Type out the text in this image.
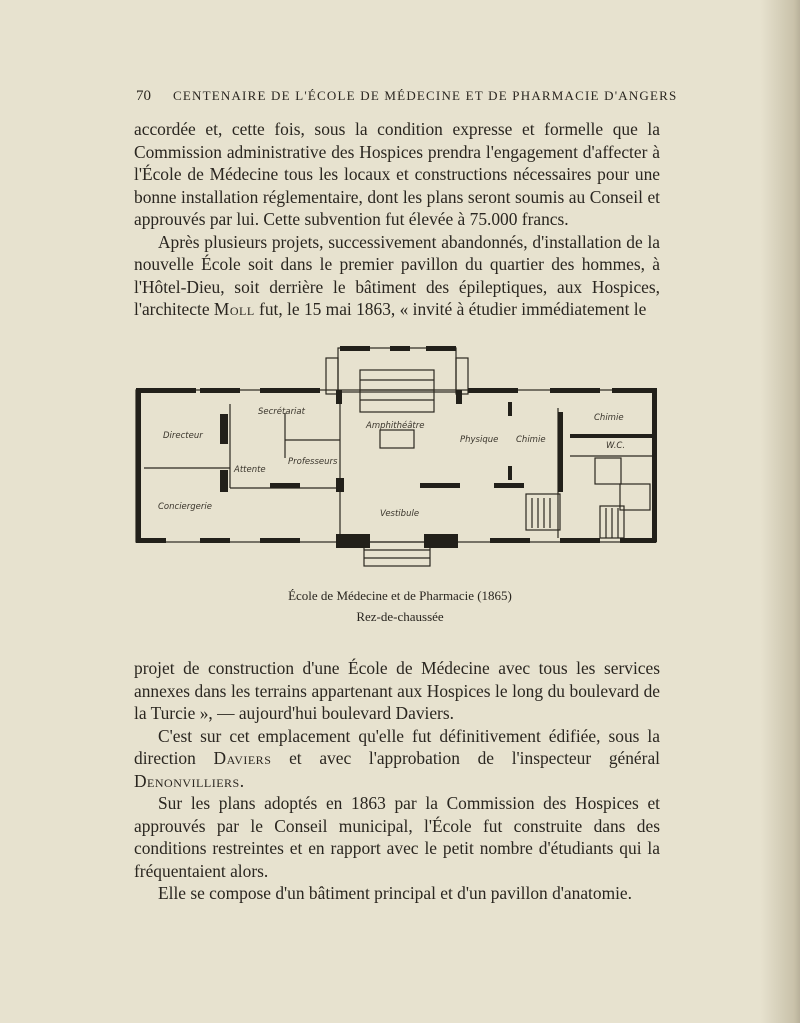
70 CENTENAIRE DE L'ÉCOLE DE MÉDECINE ET DE PHARMACIE D'ANGERS

accordée et, cette fois, sous la condition expresse et formelle que la Commission administrative des Hospices prendra l'engagement d'affecter à l'École de Médecine tous les locaux et constructions nécessaires pour une bonne installation réglementaire, dont les plans seront soumis au Conseil et approuvés par lui. Cette subvention fut élevée à 75.000 francs.

Après plusieurs projets, successivement abandonnés, d'installation de la nouvelle École soit dans le premier pavillon du quartier des hommes, à l'Hôtel-Dieu, soit derrière le bâtiment des épileptiques, aux Hospices, l'architecte Moll fut, le 15 mai 1863, « invité à étudier immédiatement le

Secrétariat
Directeur
Professeurs
Attente
Conciergerie
Amphithéâtre
Vestibule
Physique Chimie
Chimie
W.C.
École de Médecine et de Pharmacie (1865)
Rez-de-chaussée

projet de construction d'une École de Médecine avec tous les services annexes dans les terrains appartenant aux Hospices le long du boulevard de la Turcie », — aujourd'hui boulevard Daviers.

C'est sur cet emplacement qu'elle fut définitivement édifiée, sous la direction Daviers et avec l'approbation de l'inspecteur général Denonvilliers.

Sur les plans adoptés en 1863 par la Commission des Hospices et approuvés par le Conseil municipal, l'École fut construite dans des conditions restreintes et en rapport avec le petit nombre d'étudiants qui la fréquentaient alors.

Elle se compose d'un bâtiment principal et d'un pavillon d'anatomie.
